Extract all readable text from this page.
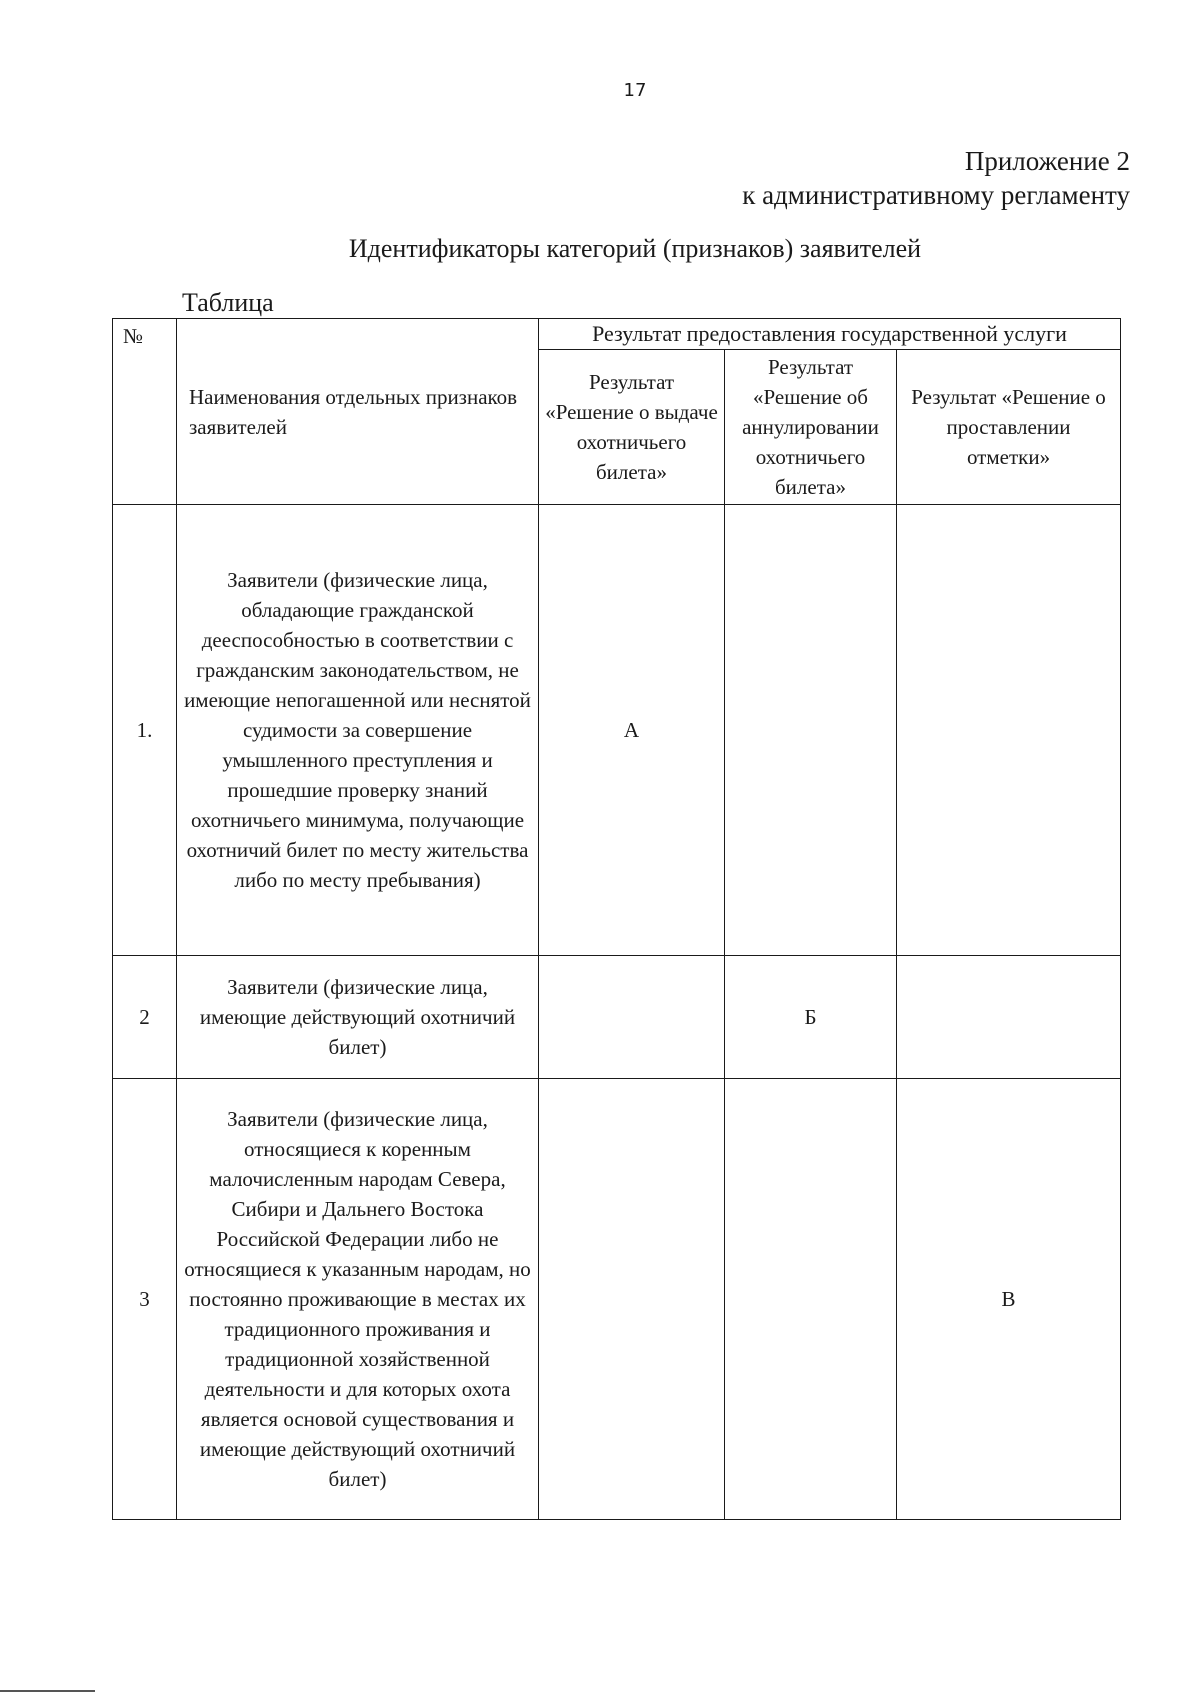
17
Приложение 2
к административному регламенту
Идентификаторы категорий (признаков) заявителей
Таблица
№	Наименования отдельных признаков заявителей	Результат предоставления государственной услуги		
		Результат «Решение о выдаче охотничьего билета»	Результат «Решение об аннулировании охотничьего билета»	Результат «Решение о проставлении отметки»
1.	Заявители (физические лица, обладающие гражданской дееспособностью в соответствии с гражданским законодательством, не имеющие непогашенной или неснятой судимости за совершение умышленного преступления и прошедшие проверку знаний охотничьего минимума, получающие охотничий билет по месту жительства либо по месту пребывания)	А		
2	Заявители (физические лица, имеющие действующий охотничий билет)		Б	
3	Заявители (физические лица, относящиеся к коренным малочисленным народам Севера, Сибири и Дальнего Востока Российской Федерации либо не относящиеся к указанным народам, но постоянно проживающие в местах их традиционного проживания и традиционной хозяйственной деятельности и для которых охота является основой существования и имеющие действующий охотничий билет)			В
